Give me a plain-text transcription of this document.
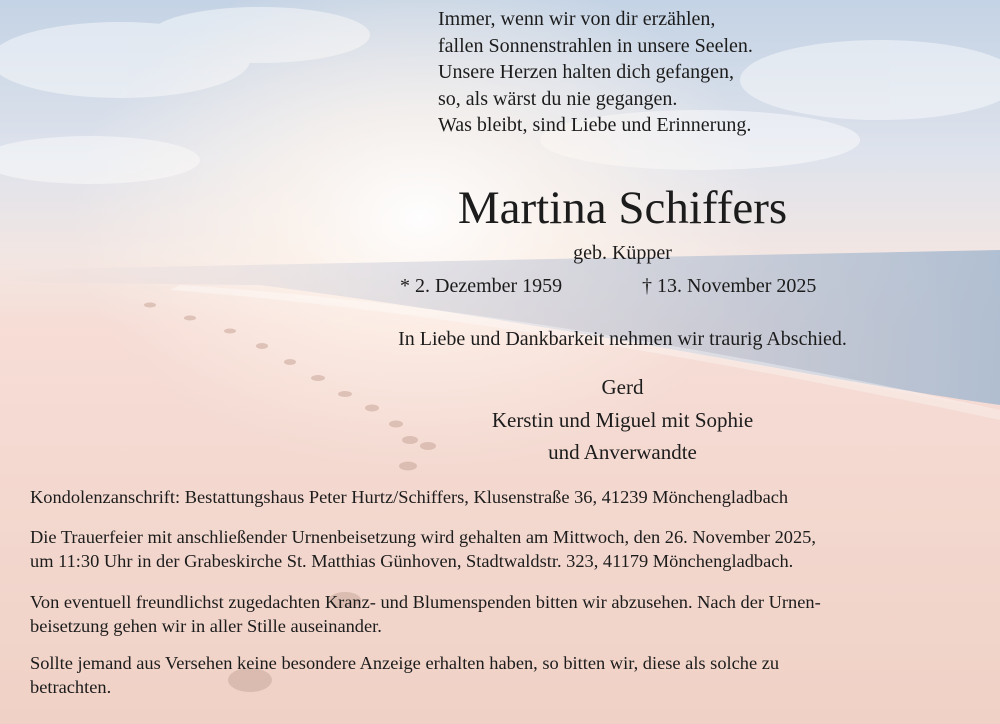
Immer, wenn wir von dir erzählen,
fallen Sonnenstrahlen in unsere Seelen.
Unsere Herzen halten dich gefangen,
so, als wärst du nie gegangen.
Was bleibt, sind Liebe und Erinnerung.
Martina Schiffers
geb. Küpper
* 2. Dezember 1959	† 13. November 2025
In Liebe und Dankbarkeit nehmen wir traurig Abschied.
Gerd
Kerstin und Miguel mit Sophie
und Anverwandte
Kondolenzanschrift: Bestattungshaus Peter Hurtz/Schiffers, Klusenstraße 36, 41239 Mönchengladbach
Die Trauerfeier mit anschließender Urnenbeisetzung wird gehalten am Mittwoch, den 26. November 2025,
um 11:30 Uhr in der Grabeskirche St. Matthias Günhoven, Stadtwaldstr. 323, 41179 Mönchengladbach.
Von eventuell freundlichst zugedachten Kranz- und Blumenspenden bitten wir abzusehen. Nach der Urnen-
beisetzung gehen wir in aller Stille auseinander.
Sollte jemand aus Versehen keine besondere Anzeige erhalten haben, so bitten wir, diese als solche zu
betrachten.
